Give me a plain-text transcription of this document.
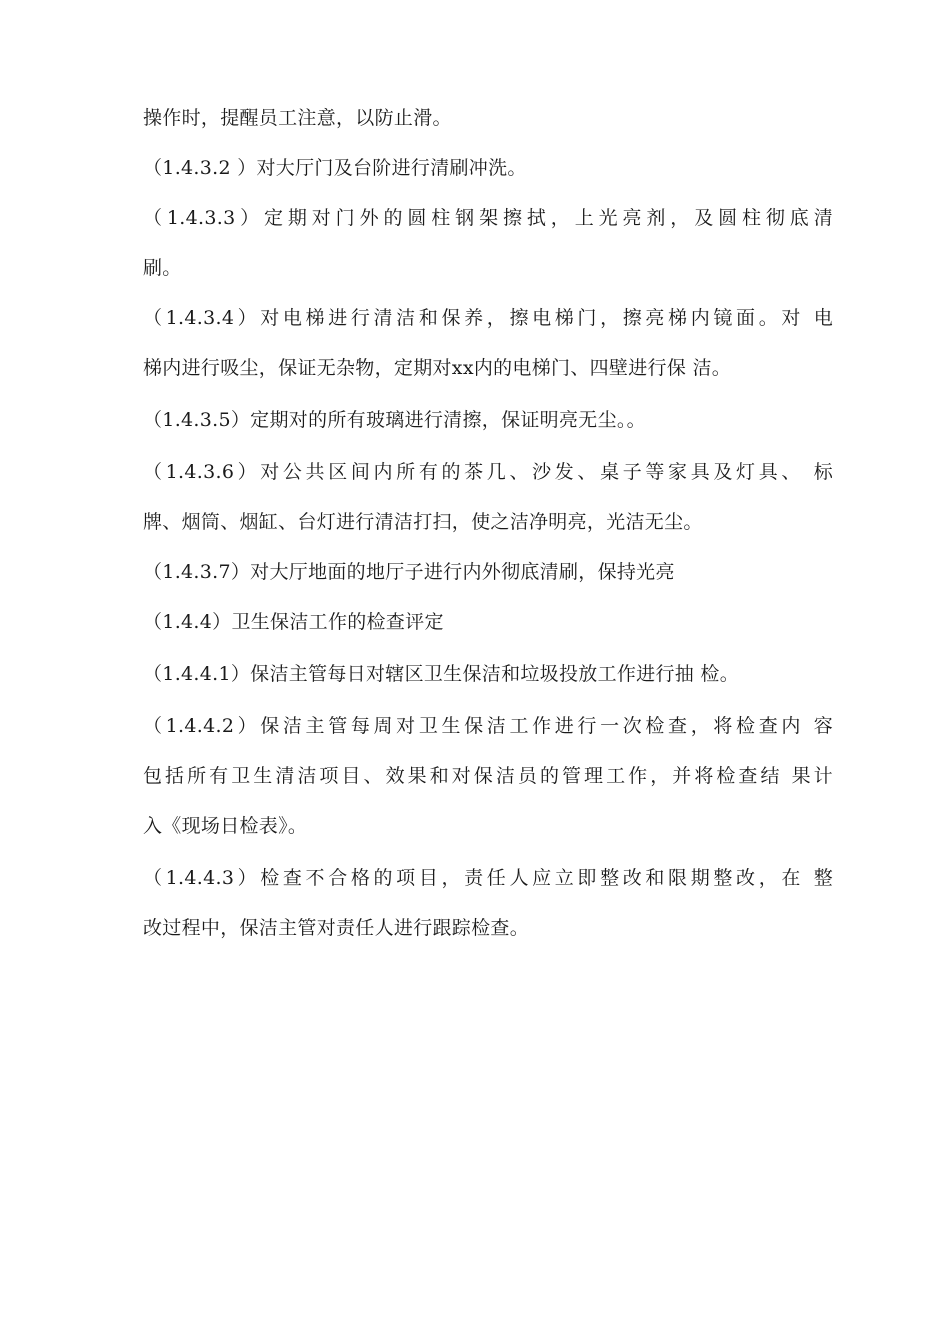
操作时，提醒员工注意，以防止滑。
（1.4.3.2 ）对大厅门及台阶进行清刷冲洗。
（1.4.3.3）定期对门外的圆柱钢架擦拭，上光亮剂，及圆柱彻底清
刷。
（1.4.3.4）对电梯进行清洁和保养，擦电梯门，擦亮梯内镜面。对 电
梯内进行吸尘，保证无杂物，定期对xx内的电梯门、四壁进行保 洁。
（1.4.3.5）定期对的所有玻璃进行清擦，保证明亮无尘。。
（1.4.3.6）对公共区间内所有的茶几、沙发、桌子等家具及灯具、 标
牌、烟筒、烟缸、台灯进行清洁打扫，使之洁净明亮，光洁无尘。
（1.4.3.7）对大厅地面的地厅子进行内外彻底清刷，保持光亮
（1.4.4）卫生保洁工作的检查评定
（1.4.4.1）保洁主管每日对辖区卫生保洁和垃圾投放工作进行抽 检。
（1.4.4.2）保洁主管每周对卫生保洁工作进行一次检查，将检查内 容
包括所有卫生清洁项目、效果和对保洁员的管理工作，并将检查结 果计
入《现场日检表》。
（1.4.4.3）检查不合格的项目，责任人应立即整改和限期整改，在 整
改过程中，保洁主管对责任人进行跟踪检查。
